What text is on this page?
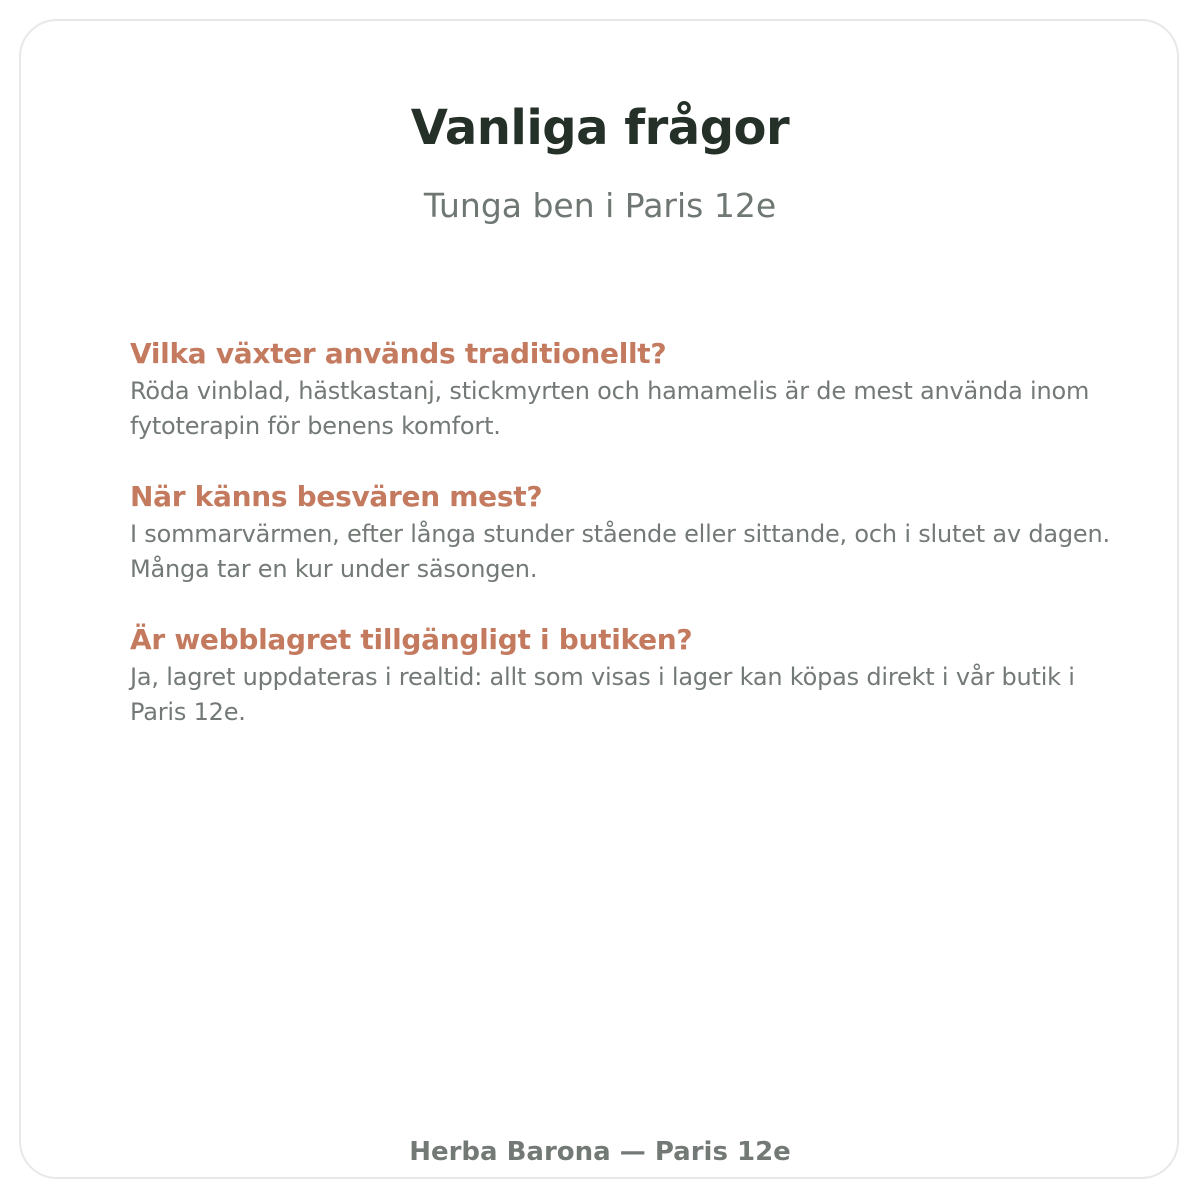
Vanliga frågor
Tunga ben i Paris 12e
Vilka växter används traditionellt?
Röda vinblad, hästkastanj, stickmyrten och hamamelis är de mest använda inom fytoterapin för benens komfort.
När känns besvären mest?
I sommarvärmen, efter långa stunder stående eller sittande, och i slutet av dagen. Många tar en kur under säsongen.
Är webblagret tillgängligt i butiken?
Ja, lagret uppdateras i realtid: allt som visas i lager kan köpas direkt i vår butik i Paris 12e.
Herba Barona — Paris 12e
